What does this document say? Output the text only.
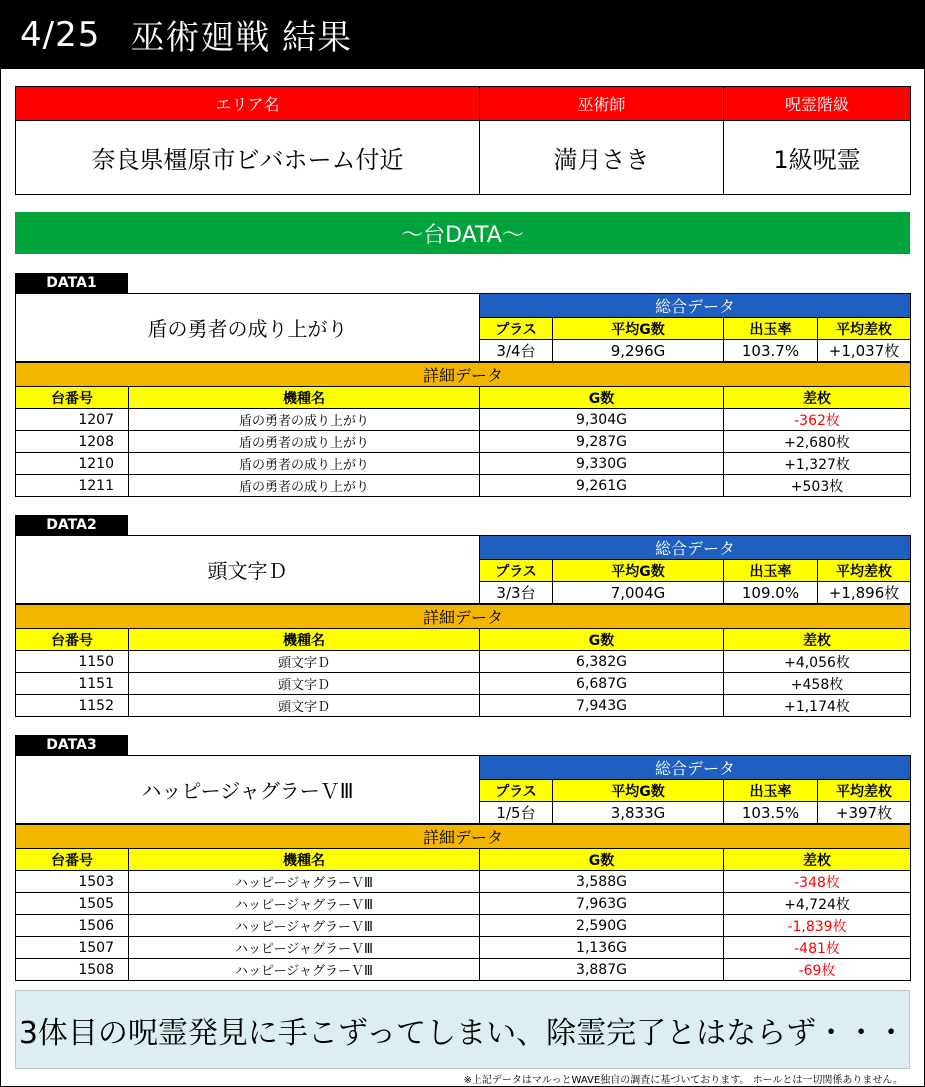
4/25 巫術廻戦 結果
エリア名	巫術師	呪霊階級
奈良県橿原市ビバホーム付近	満月さき	1級呪霊
～台DATA～
DATA1
盾の勇者の成り上がり	総合データ			
	プラス	平均G数	出玉率	平均差枚
	3/4台	9,296G	103.7%	+1,037枚
詳細データ			
台番号	機種名	G数	差枚
1207	盾の勇者の成り上がり	9,304G	-362枚
1208	盾の勇者の成り上がり	9,287G	+2,680枚
1210	盾の勇者の成り上がり	9,330G	+1,327枚
1211	盾の勇者の成り上がり	9,261G	+503枚
DATA2
頭文字Ｄ	総合データ			
	プラス	平均G数	出玉率	平均差枚
	3/3台	7,004G	109.0%	+1,896枚
詳細データ			
台番号	機種名	G数	差枚
1150	頭文字Ｄ	6,382G	+4,056枚
1151	頭文字Ｄ	6,687G	+458枚
1152	頭文字Ｄ	7,943G	+1,174枚
DATA3
ハッピージャグラーＶⅢ	総合データ			
	プラス	平均G数	出玉率	平均差枚
	1/5台	3,833G	103.5%	+397枚
詳細データ			
台番号	機種名	G数	差枚
1503	ハッピージャグラーＶⅢ	3,588G	-348枚
1505	ハッピージャグラーＶⅢ	7,963G	+4,724枚
1506	ハッピージャグラーＶⅢ	2,590G	-1,839枚
1507	ハッピージャグラーＶⅢ	1,136G	-481枚
1508	ハッピージャグラーＶⅢ	3,887G	-69枚
3体目の呪霊発見に手こずってしまい、除霊完了とはならず・・・
※上記データはマルっとWAVE独自の調査に基づいております。 ホールとは一切関係ありません。
